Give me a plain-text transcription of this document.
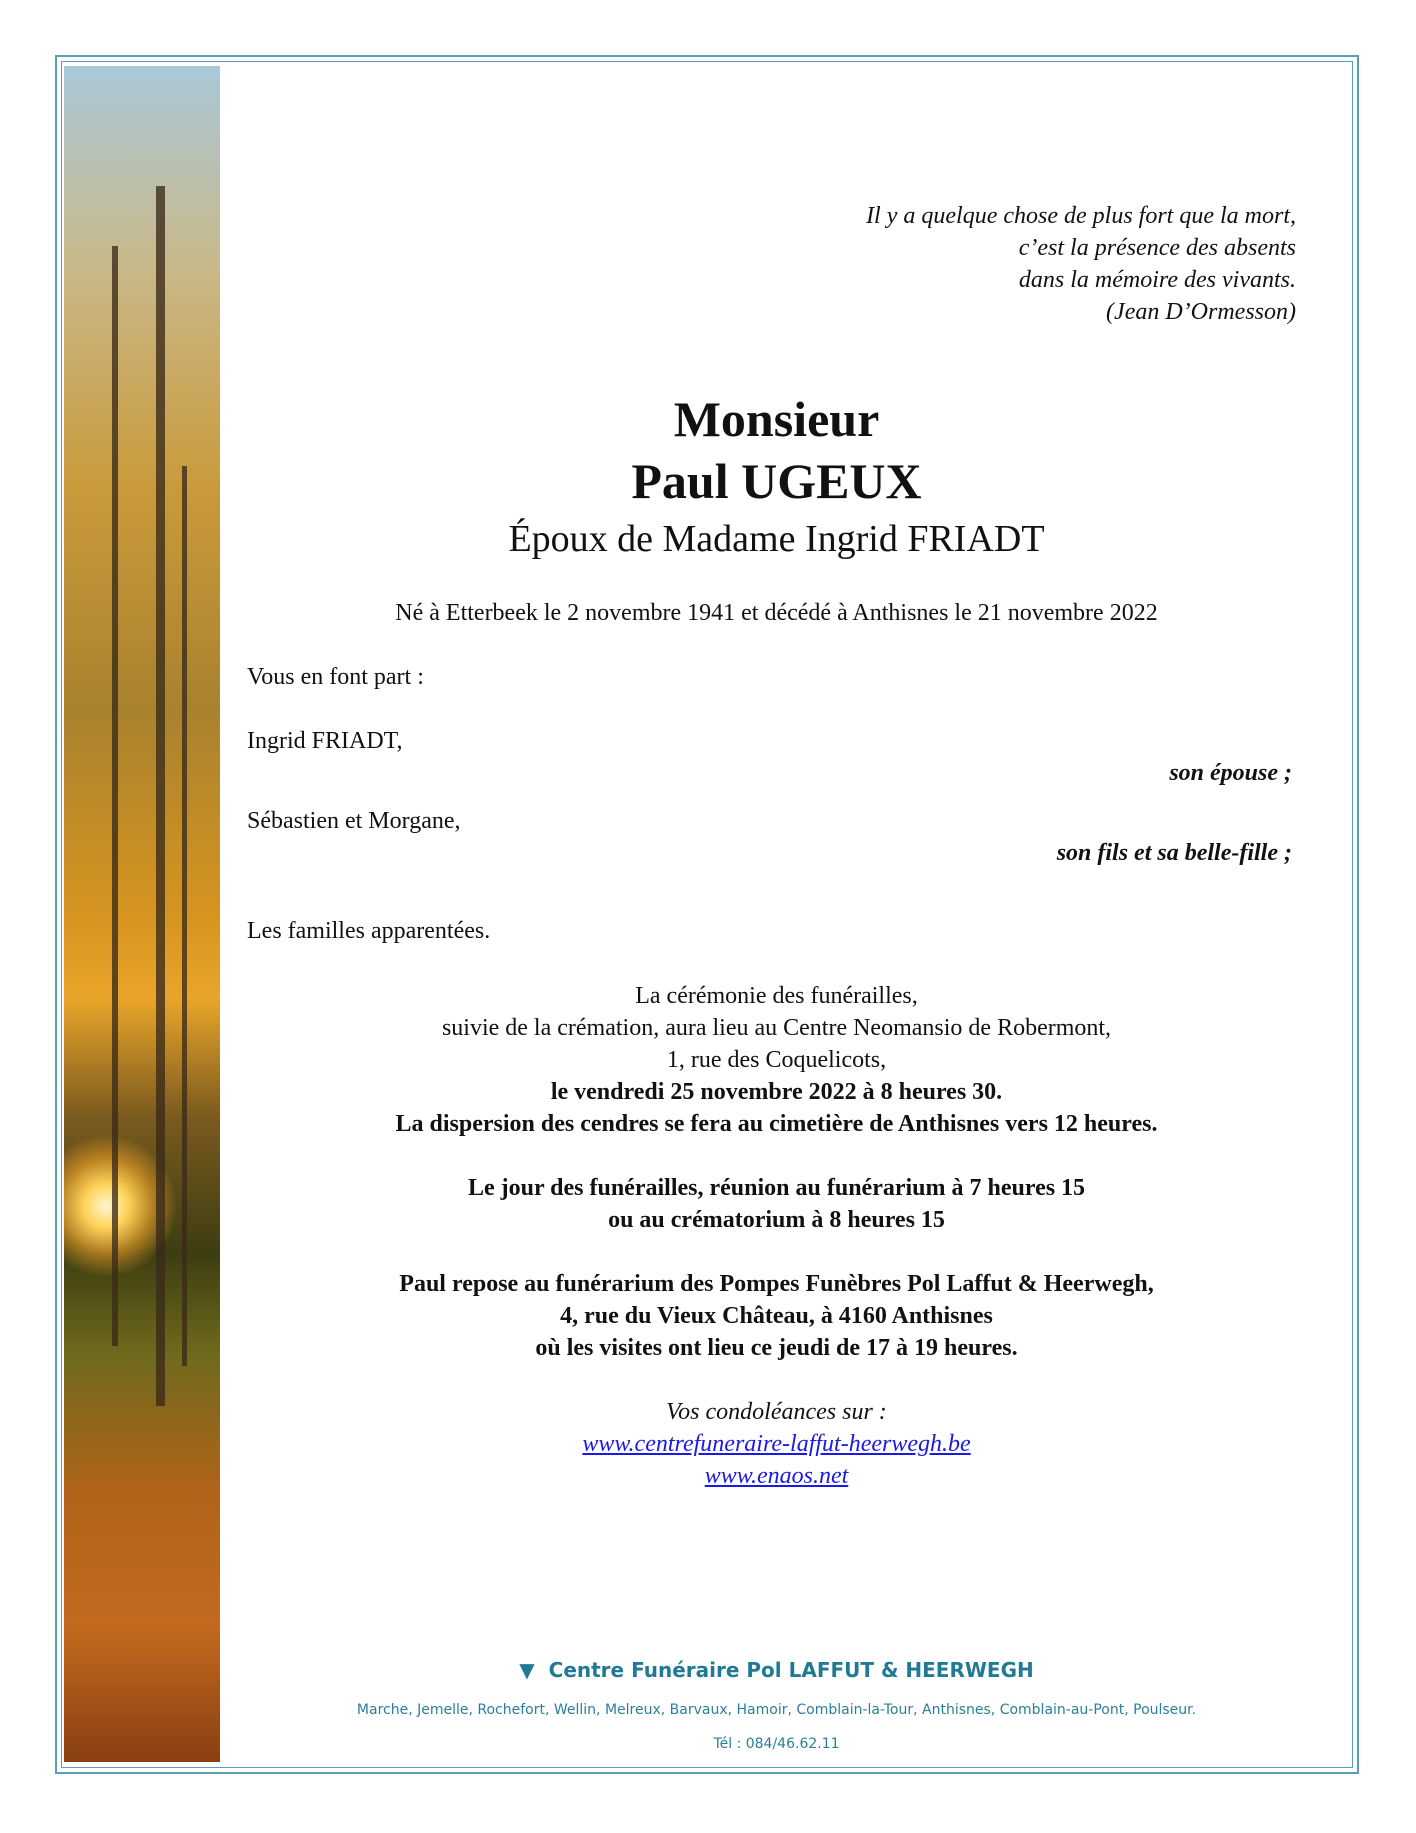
Il y a quelque chose de plus fort que la mort,
c’est la présence des absents
dans la mémoire des vivants.
(Jean D’Ormesson)
Monsieur
Paul UGEUX
Époux de Madame Ingrid FRIADT
Né à Etterbeek le 2 novembre 1941 et décédé à Anthisnes le 21 novembre 2022
Vous en font part :
Ingrid FRIADT,
son épouse ;
Sébastien et Morgane,
son fils et sa belle-fille ;
Les familles apparentées.
La cérémonie des funérailles,
suivie de la crémation, aura lieu au Centre Neomansio de Robermont,
1, rue des Coquelicots,
le vendredi 25 novembre 2022 à 8 heures 30.
La dispersion des cendres se fera au cimetière de Anthisnes vers 12 heures.
Le jour des funérailles, réunion au funérarium à 7 heures 15
ou au crématorium à 8 heures 15
Paul repose au funérarium des Pompes Funèbres Pol Laffut & Heerwegh,
4, rue du Vieux Château, à 4160 Anthisnes
où les visites ont lieu ce jeudi de 17 à 19 heures.
Vos condoléances sur :
www.centrefuneraire-laffut-heerwegh.be
www.enaos.net
▼ Centre Funéraire Pol LAFFUT & HEERWEGH
Marche, Jemelle, Rochefort, Wellin, Melreux, Barvaux, Hamoir, Comblain-la-Tour, Anthisnes, Comblain-au-Pont, Poulseur.
Tél : 084/46.62.11
